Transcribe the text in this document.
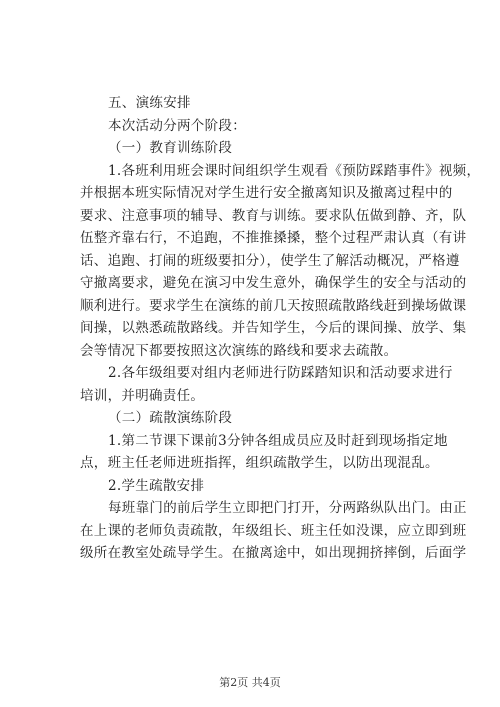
五、演练安排
本次活动分两个阶段：
（一）教育训练阶段
1.各班利用班会课时间组织学生观看《预防踩踏事件》视频，
并根据本班实际情况对学生进行安全撤离知识及撤离过程中的
要求、注意事项的辅导、教育与训练。要求队伍做到静、齐，队
伍整齐靠右行，不追跑，不推推搡搡，整个过程严肃认真（有讲
话、追跑、打闹的班级要扣分），使学生了解活动概况，严格遵
守撤离要求，避免在演习中发生意外，确保学生的安全与活动的
顺利进行。要求学生在演练的前几天按照疏散路线赶到操场做课
间操，以熟悉疏散路线。并告知学生，今后的课间操、放学、集
会等情况下都要按照这次演练的路线和要求去疏散。
2.各年级组要对组内老师进行防踩踏知识和活动要求进行
培训，并明确责任。
（二）疏散演练阶段
1.第二节课下课前3分钟各组成员应及时赶到现场指定地
点，班主任老师进班指挥，组织疏散学生，以防出现混乱。
2.学生疏散安排
每班靠门的前后学生立即把门打开，分两路纵队出门。由正
在上课的老师负责疏散，年级组长、班主任如没课，应立即到班
级所在教室处疏导学生。在撤离途中，如出现拥挤摔倒，后面学
第2页 共4页
